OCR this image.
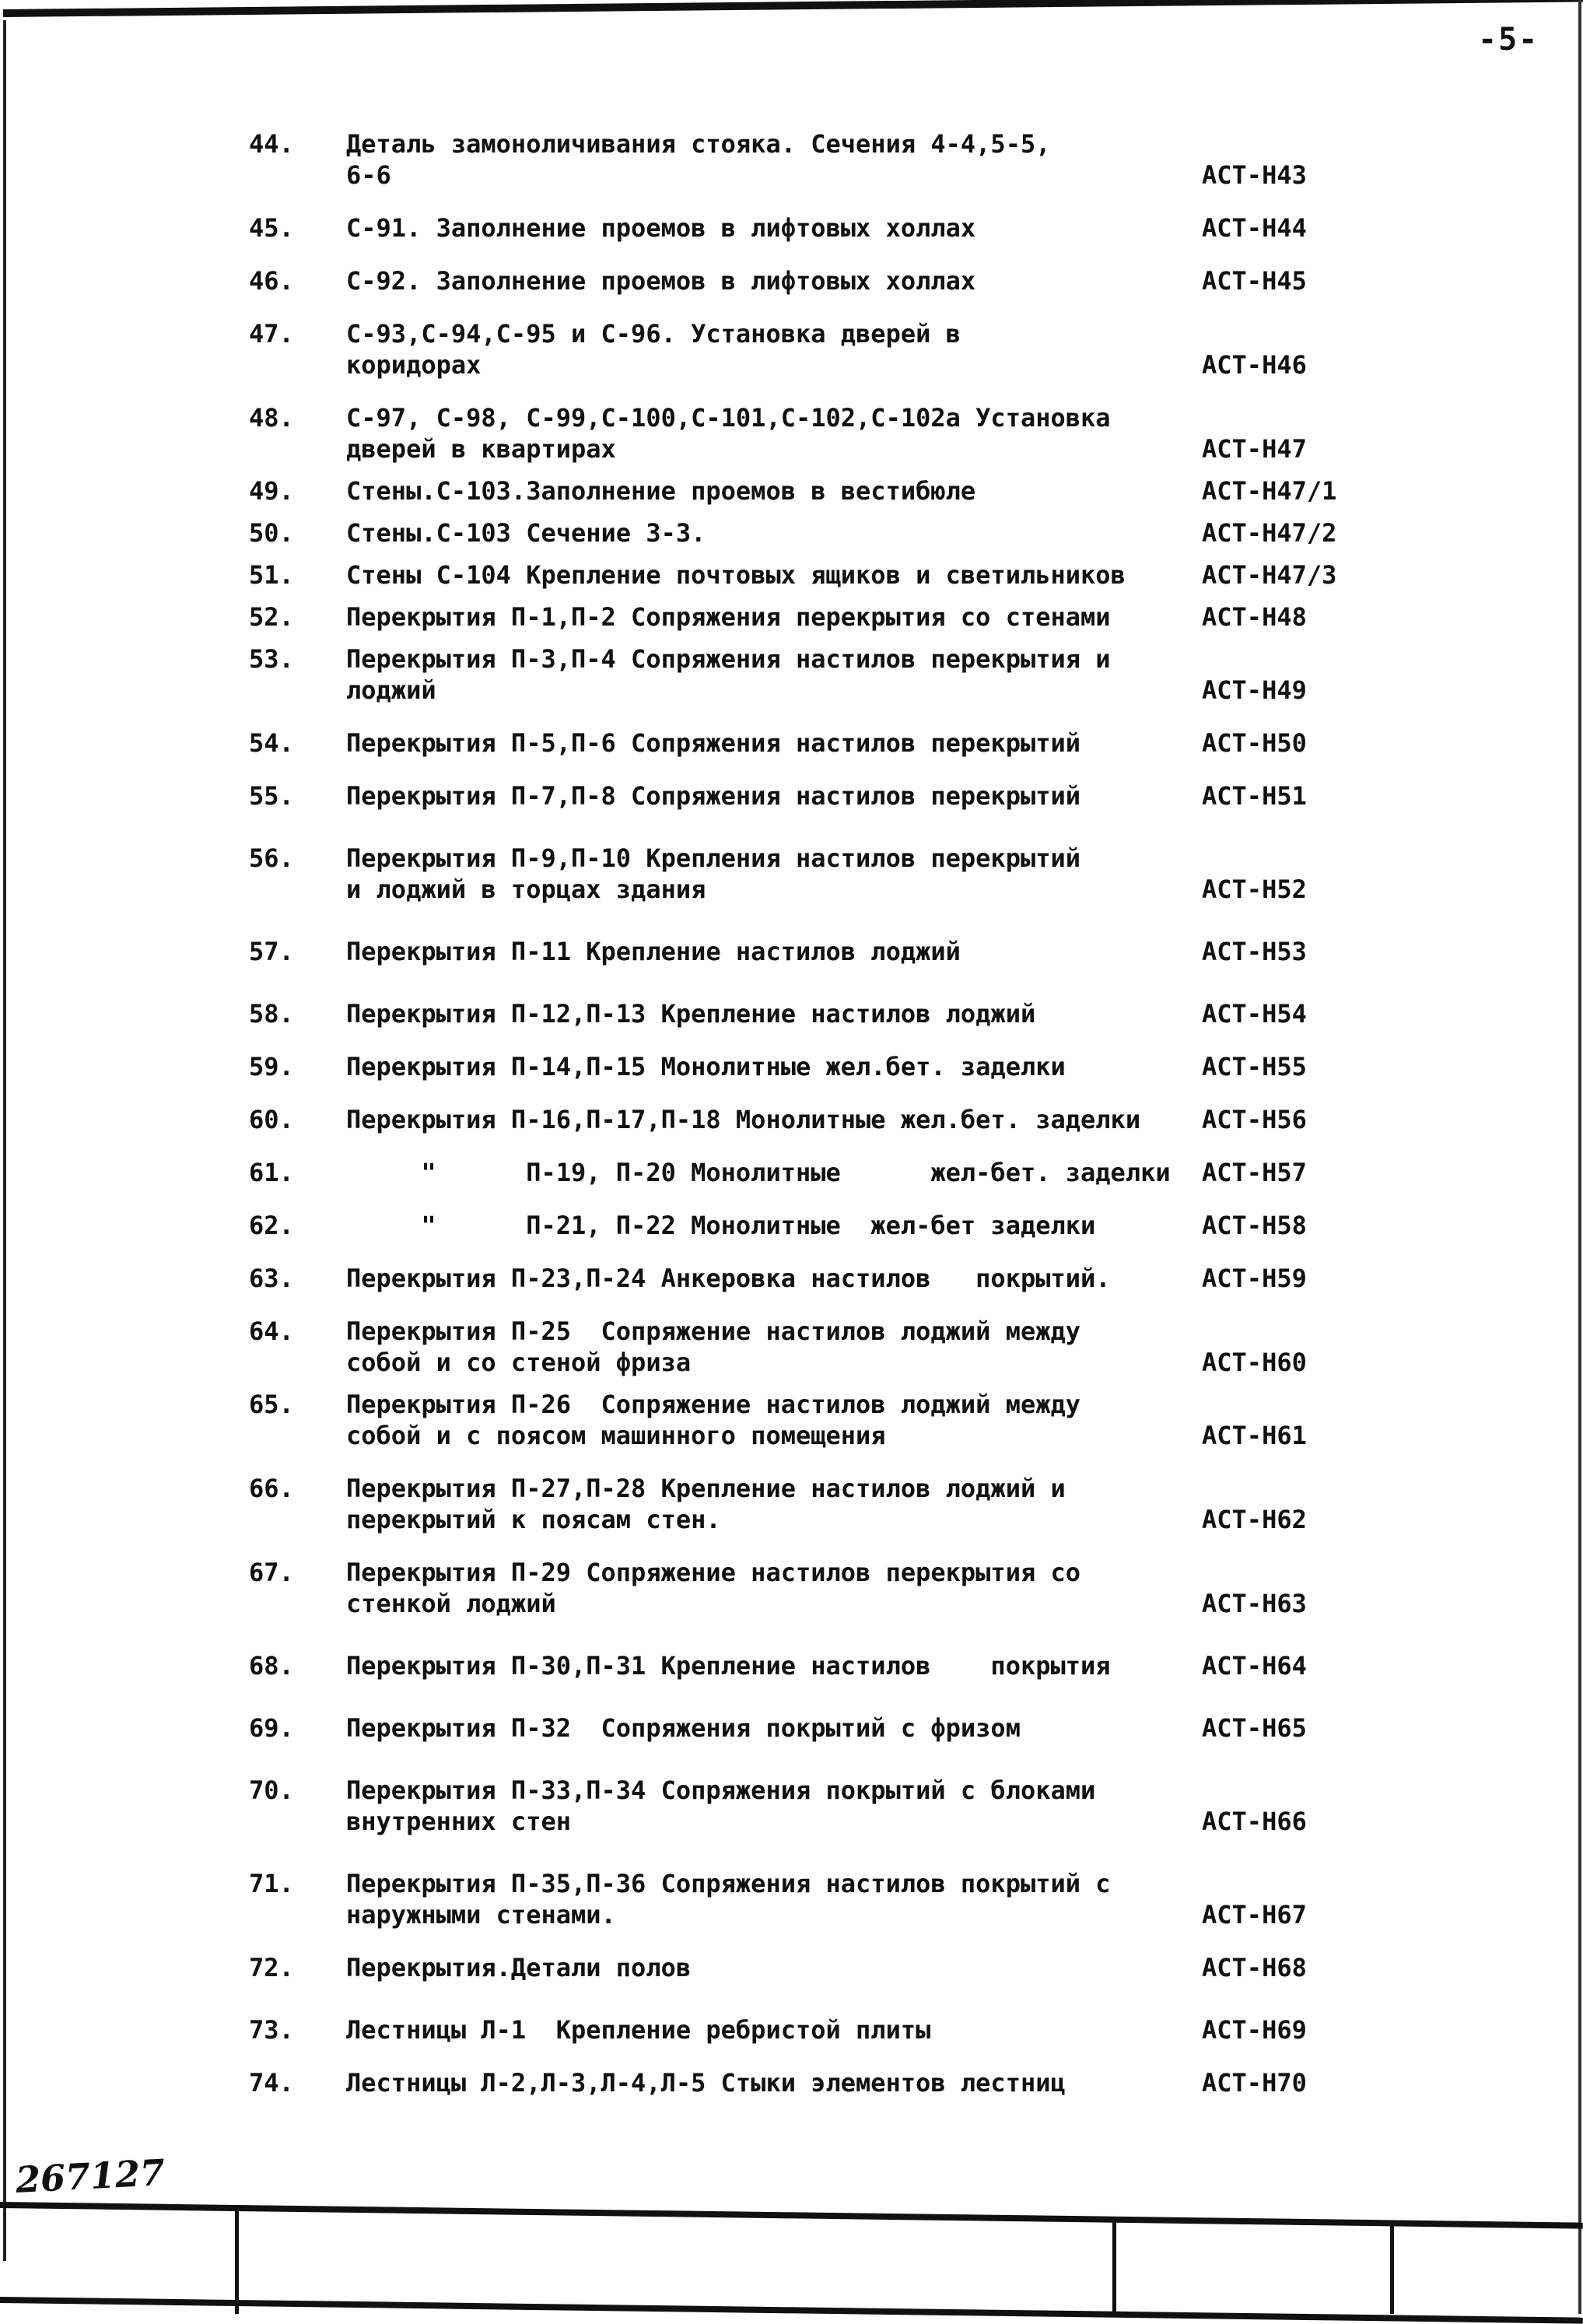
-5-
44. Деталь замоноличивания стояка. Сечения 4-4,5-5,
6-6	АСТ-Н43
45. С-91. Заполнение проемов в лифтовых холлах	АСТ-Н44
46. С-92. Заполнение проемов в лифтовых холлах	АСТ-Н45
47. С-93,С-94,С-95 и С-96. Установка дверей в
коридорах	АСТ-Н46
48. С-97, С-98, С-99,С-100,С-101,С-102,С-102а Установка
дверей в квартирах	АСТ-Н47
49. Стены.С-103.Заполнение проемов в вестибюле	АСТ-Н47/1
50. Стены.С-103 Сечение 3-3.	АСТ-Н47/2
51. Стены С-104 Крепление почтовых ящиков и светильников	АСТ-Н47/3
52. Перекрытия П-1,П-2 Сопряжения перекрытия со стенами	АСТ-Н48
53. Перекрытия П-3,П-4 Сопряжения настилов перекрытия и
лоджий	АСТ-Н49
54. Перекрытия П-5,П-6 Сопряжения настилов перекрытий	АСТ-Н50
55. Перекрытия П-7,П-8 Сопряжения настилов перекрытий	АСТ-Н51
56. Перекрытия П-9,П-10 Крепления настилов перекрытий
и лоджий в торцах здания	АСТ-Н52
57. Перекрытия П-11 Крепление настилов лоджий	АСТ-Н53
58. Перекрытия П-12,П-13 Крепление настилов лоджий	АСТ-Н54
59. Перекрытия П-14,П-15 Монолитные жел.бет. заделки	АСТ-Н55
60. Перекрытия П-16,П-17,П-18 Монолитные жел.бет. заделки	АСТ-Н56
61. "      П-19, П-20 Монолитные      жел-бет. заделки	АСТ-Н57
62. "      П-21, П-22 Монолитные  жел-бет заделки	АСТ-Н58
63. Перекрытия П-23,П-24 Анкеровка настилов   покрытий.	АСТ-Н59
64. Перекрытия П-25  Сопряжение настилов лоджий между
собой и со стеной фриза	АСТ-Н60
65. Перекрытия П-26  Сопряжение настилов лоджий между
собой и с поясом машинного помещения	АСТ-Н61
66. Перекрытия П-27,П-28 Крепление настилов лоджий и
перекрытий к поясам стен.	АСТ-Н62
67. Перекрытия П-29 Сопряжение настилов перекрытия со
стенкой лоджий	АСТ-Н63
68. Перекрытия П-30,П-31 Крепление настилов    покрытия	АСТ-Н64
69. Перекрытия П-32  Сопряжения покрытий с фризом	АСТ-Н65
70. Перекрытия П-33,П-34 Сопряжения покрытий с блоками
внутренних стен	АСТ-Н66
71. Перекрытия П-35,П-36 Сопряжения настилов покрытий с
наружными стенами.	АСТ-Н67
72. Перекрытия.Детали полов	АСТ-Н68
73. Лестницы Л-1  Крепление ребристой плиты	АСТ-Н69
74. Лестницы Л-2,Л-3,Л-4,Л-5 Стыки элементов лестниц	АСТ-Н70
267127
